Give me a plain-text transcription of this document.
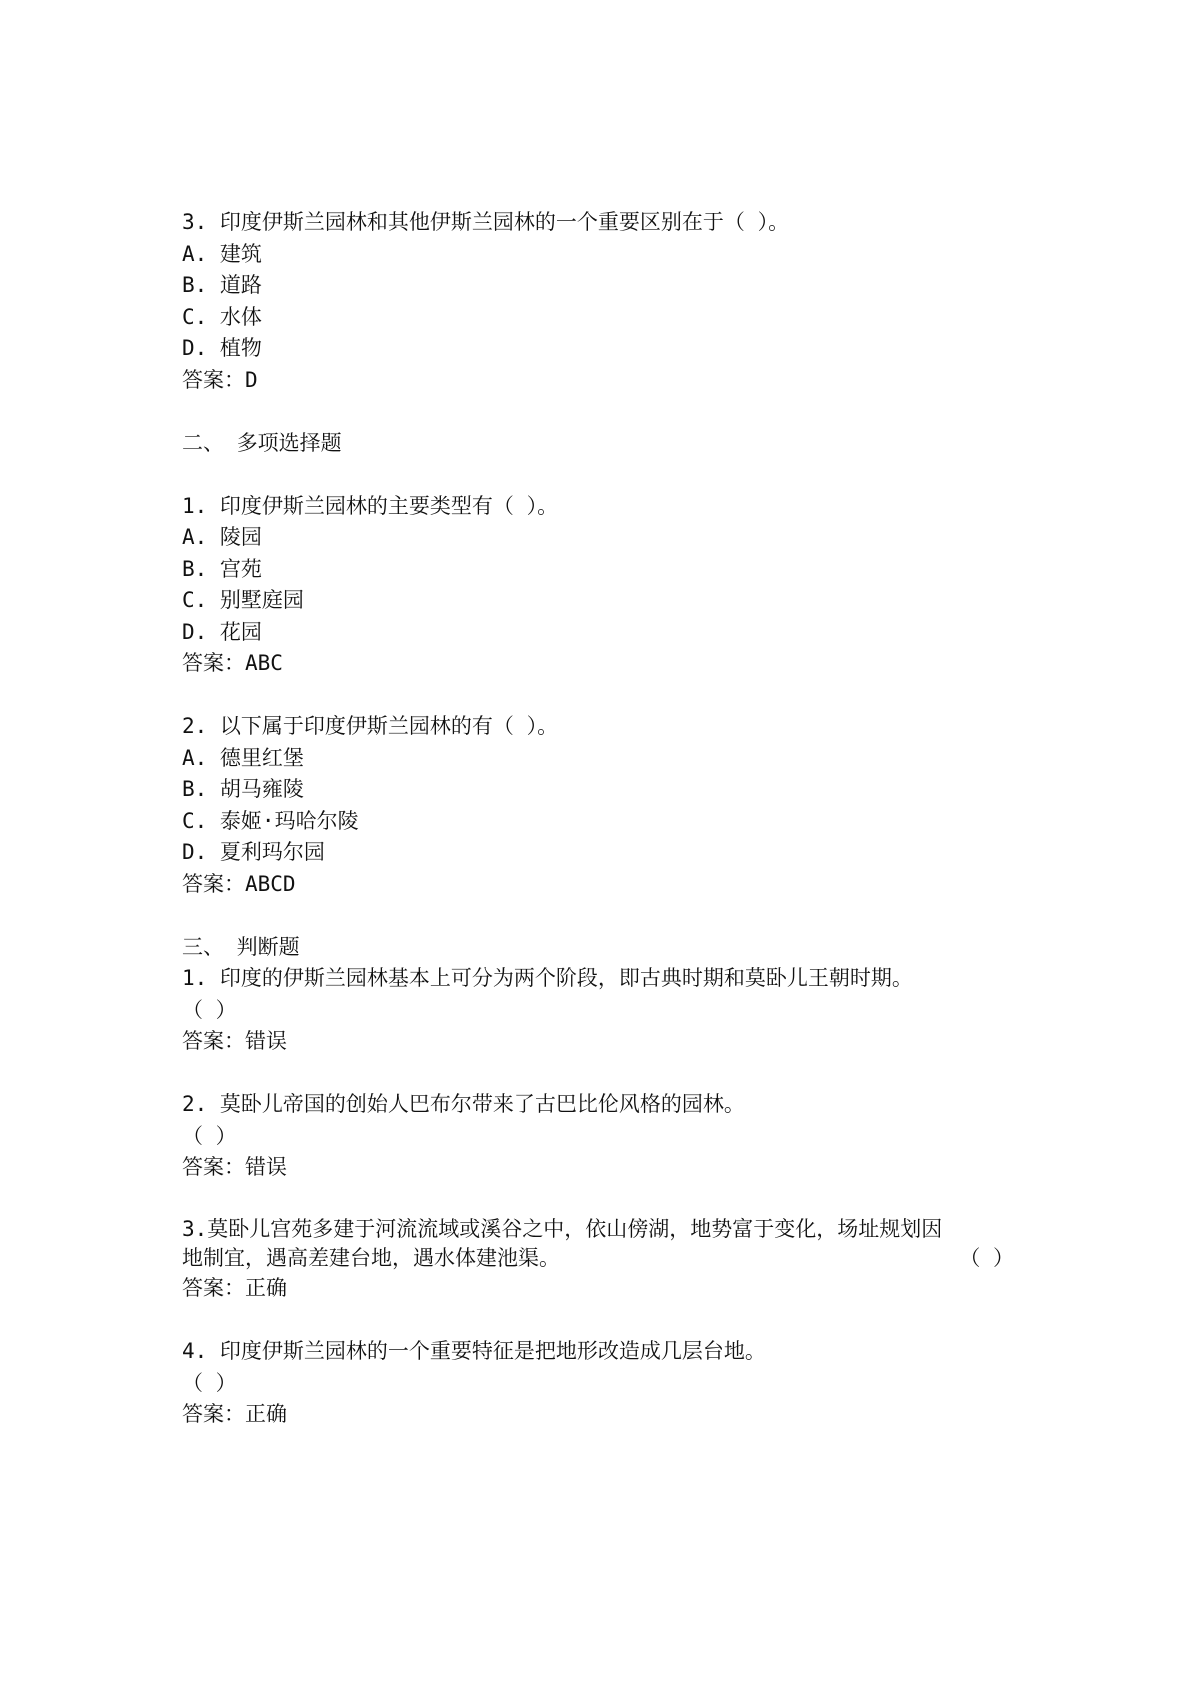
3. 印度伊斯兰园林和其他伊斯兰园林的一个重要区别在于（ ）。
A. 建筑
B. 道路
C. 水体
D. 植物
答案：D
二、 多项选择题
1. 印度伊斯兰园林的主要类型有（ ）。
A. 陵园
B. 宫苑
C. 别墅庭园
D. 花园
答案：ABC
2. 以下属于印度伊斯兰园林的有（ ）。
A. 德里红堡
B. 胡马雍陵
C. 泰姬·玛哈尔陵
D. 夏利玛尔园
答案：ABCD
三、 判断题
1. 印度的伊斯兰园林基本上可分为两个阶段，即古典时期和莫卧儿王朝时期。
（ ）
答案：错误
2. 莫卧儿帝国的创始人巴布尔带来了古巴比伦风格的园林。
（ ）
答案：错误
3.莫卧儿宫苑多建于河流流域或溪谷之中，依山傍湖，地势富于变化，场址规划因
地制宜，遇高差建台地，遇水体建池渠。	（ ）
答案：正确
4. 印度伊斯兰园林的一个重要特征是把地形改造成几层台地。
（ ）
答案：正确
